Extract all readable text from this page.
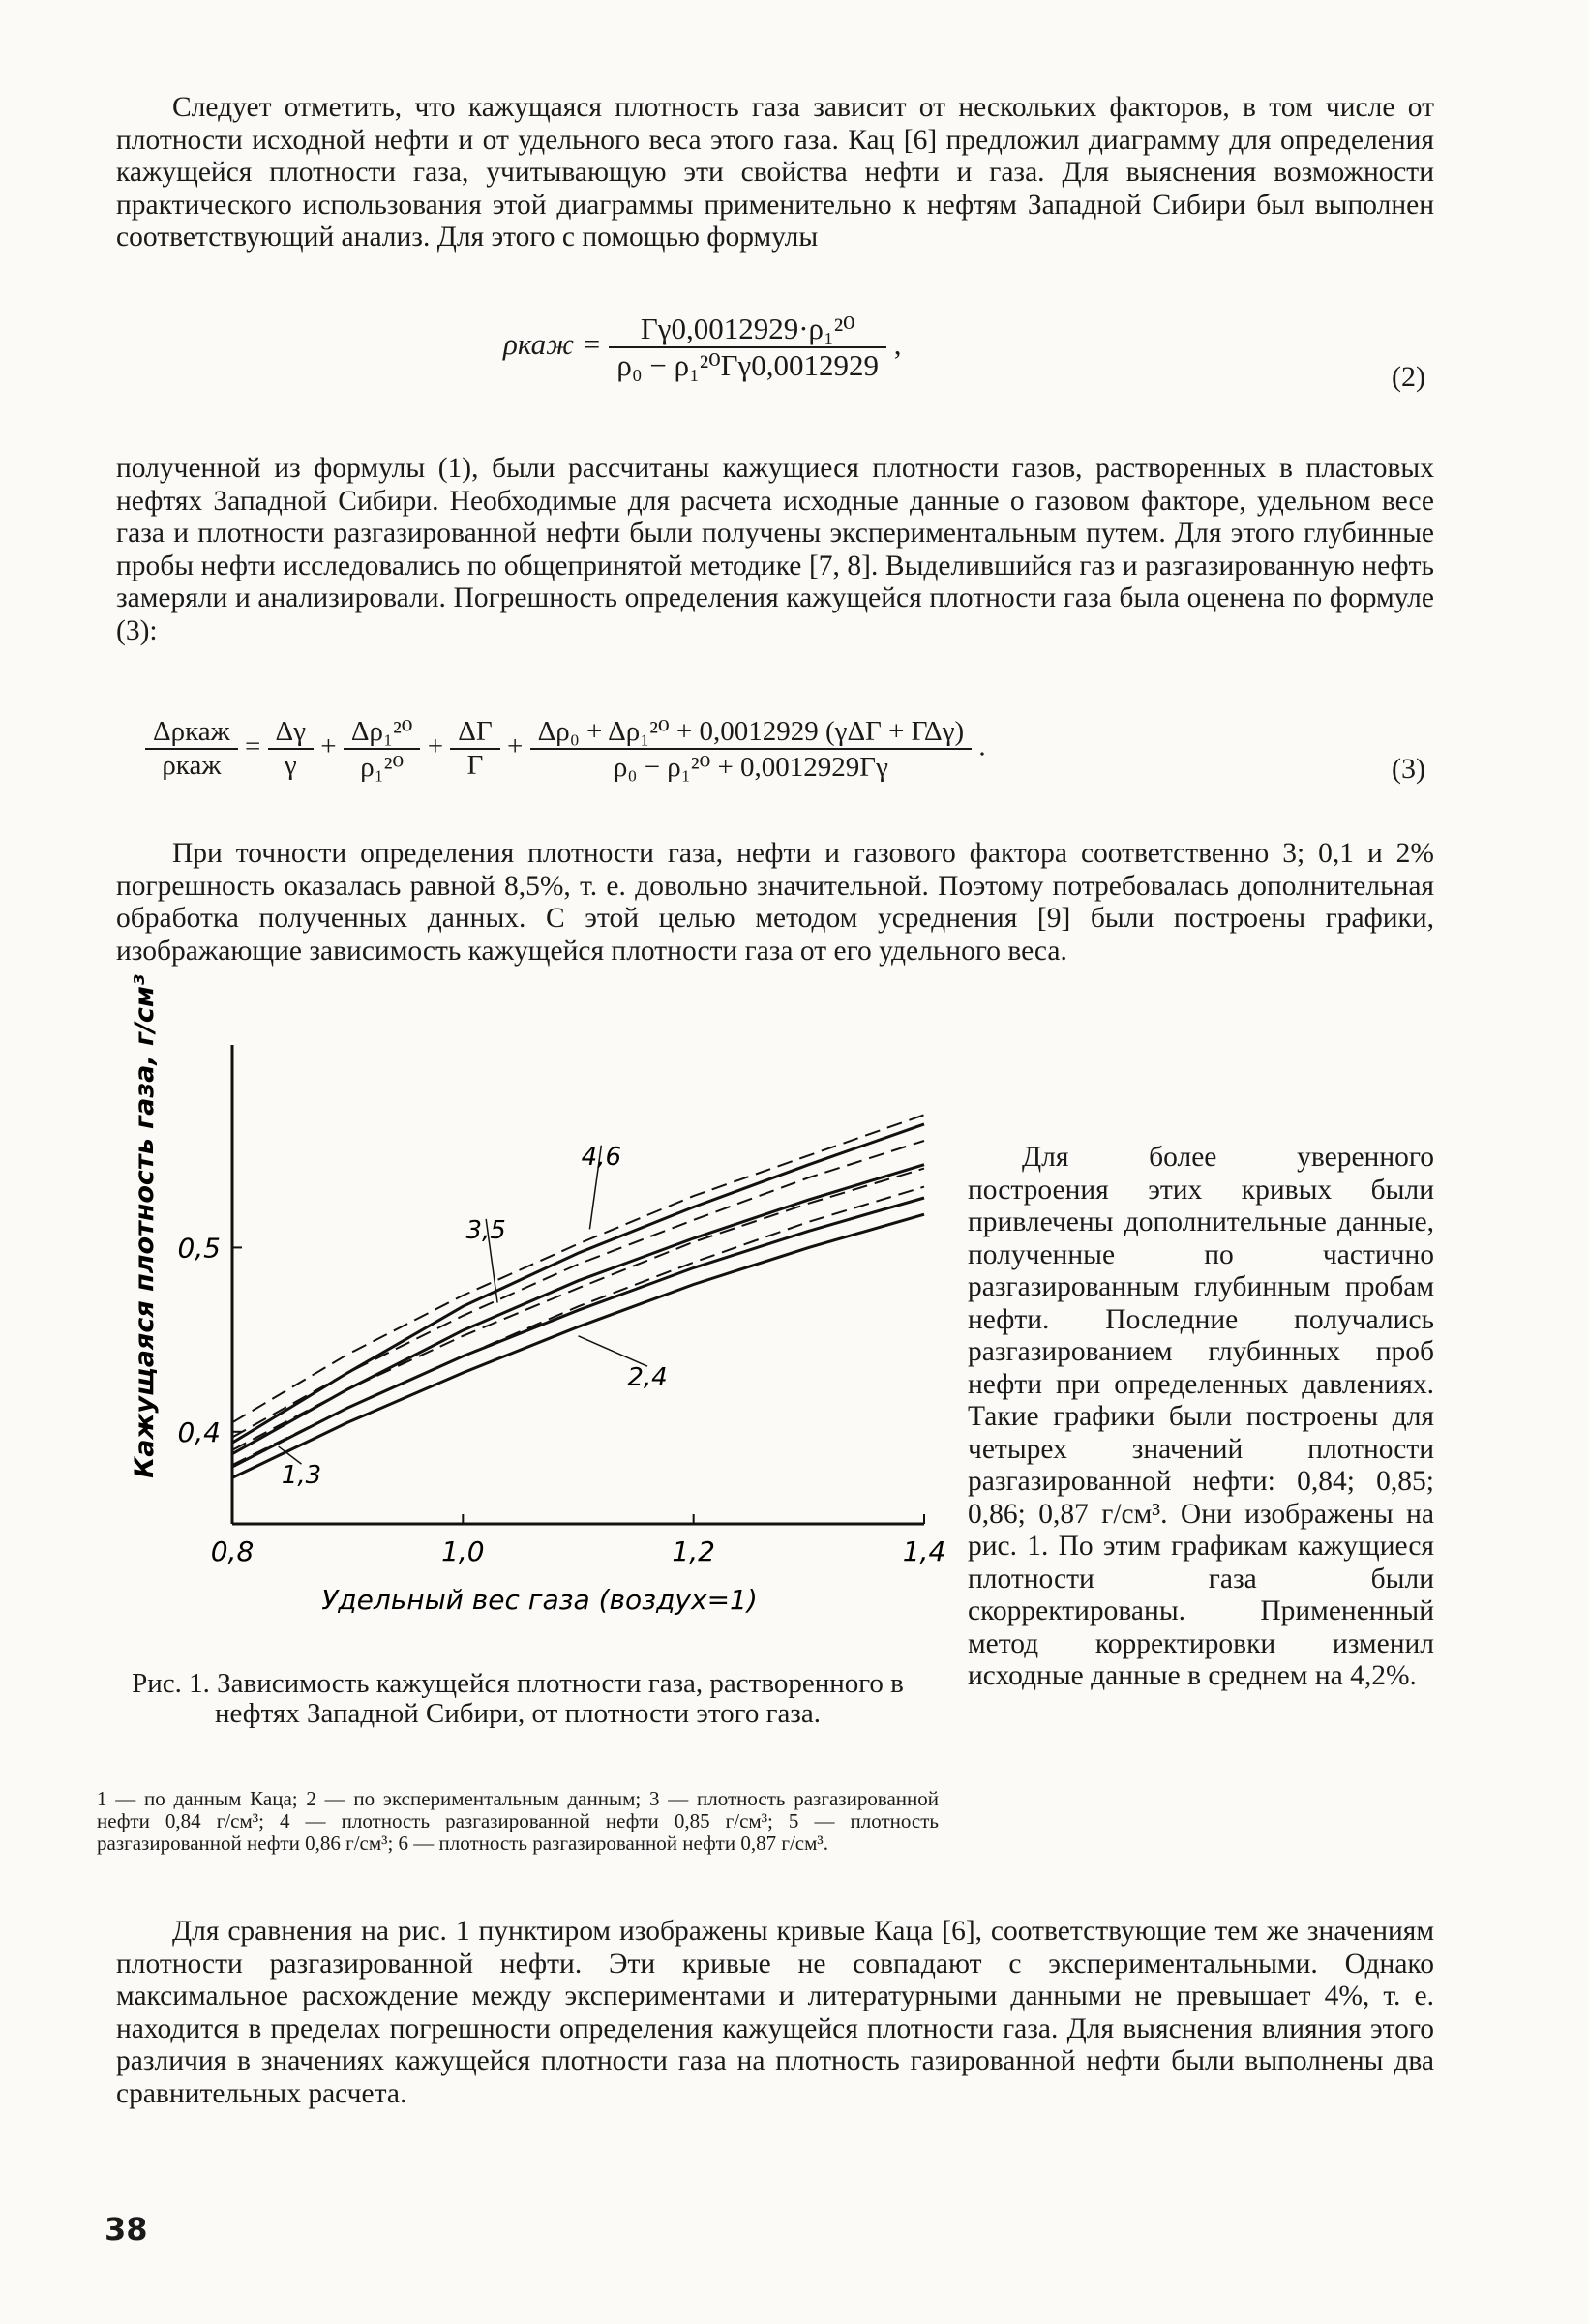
Следует отметить, что кажущаяся плотность газа зависит от нескольких факторов, в том числе от плотности исходной нефти и от удельного веса этого газа. Кац [6] предложил диаграмму для определения кажущейся плотности газа, учитывающую эти свойства нефти и газа. Для выяснения возможности практического использования этой диаграммы применительно к нефтям Западной Сибири был выполнен соответствующий анализ. Для этого с помощью формулы

$\rho каж = \frac{\text{Γγ0,0012929·ρ₁²⁰}}{\text{ρ₀ − ρ₁²⁰Γγ0,0012929}}$ ,
(2)

полученной из формулы (1), были рассчитаны кажущиеся плотности газов, растворенных в пластовых нефтях Западной Сибири. Необходимые для расчета исходные данные о газовом факторе, удельном весе газа и плотности разгазированной нефти были получены экспериментальным путем. Для этого глубинные пробы нефти исследовались по общепринятой методике [7, 8]. Выделившийся газ и разгазированную нефть замеряли и анализировали. Погрешность определения кажущейся плотности газа была оценена по формуле (3):

$\frac{\text{Δρкаж}}{\text{ρкаж}} = \frac{\Delta\gamma}{\gamma} + \frac{\text{Δρ₁²⁰}}{\text{ρ₁²⁰}} + \frac{\Delta\Gamma}{\Gamma} + \frac{\text{Δρ₀ + Δρ₁²⁰ + 0,0012929 (γΔΓ + ΓΔγ)}}{\text{ρ₀ − ρ₁²⁰ + 0,0012929Γγ}}$ .
(3)

При точности определения плотности газа, нефти и газового фактора соответственно 3; 0,1 и 2% погрешность оказалась равной 8,5%, т. е. довольно значительной. Поэтому потребовалась дополнительная обработка полученных данных. С этой целью методом усреднения [9] были построены графики, изображающие зависимость кажущейся плотности газа от его удельного веса.

Для более уверенного построения этих кривых были привлечены дополнительные данные, полученные по частично разгазированным глубинным пробам нефти. Последние получались разгазированием глубинных проб нефти при определенных давлениях. Такие графики были построены для четырех значений плотности разгазированной нефти: 0,84; 0,85; 0,86; 0,87 г/см³. Они изображены на рис. 1. По этим графикам кажущиеся плотности газа были скорректированы. Примененный метод корректировки изменил исходные данные в среднем на 4,2%.

0,8	1,0	1,2	1,4
0,4
0,5
Удельный вес газа (воздух=1)
Кажущаяся плотность газа, г/см³	1,3
2,4
3,5
4,6

Рис. 1. Зависимость кажущейся плотности газа, растворенного в нефтях Западной Сибири, от плотности этого газа.

1 — по данным Каца; 2 — по экспериментальным данным; 3 — плотность разгазированной нефти 0,84 г/см³; 4 — плотность разгазированной нефти 0,85 г/см³; 5 — плотность разгазированной нефти 0,86 г/см³; 6 — плотность разгазированной нефти 0,87 г/см³.

Для сравнения на рис. 1 пунктиром изображены кривые Каца [6], соответствующие тем же значениям плотности разгазированной нефти. Эти кривые не совпадают с экспериментальными. Однако максимальное расхождение между экспериментами и литературными данными не превышает 4%, т. е. находится в пределах погрешности определения кажущейся плотности газа. Для выяснения влияния этого различия в значениях кажущейся плотности газа на плотность газированной нефти были выполнены два сравнительных расчета.

38
